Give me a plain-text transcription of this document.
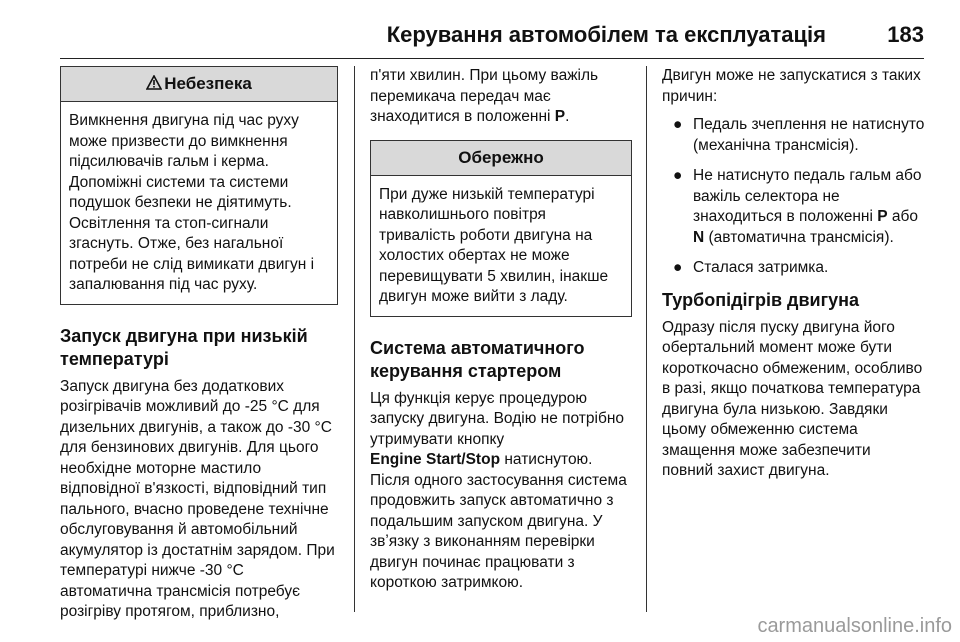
Керування автомобілем та експлуатація	183
Небезпека
Вимкнення двигуна під час руху може призвести до вимкнення підсилювачів гальм і керма. Допоміжні системи та системи подушок безпеки не діятимуть. Освітлення та стоп-сигнали згаснуть. Отже, без нагальної потреби не слід вимикати двигун і запалювання під час руху.
Запуск двигуна при низькій температурі
Запуск двигуна без додаткових розігрівачів можливий до -25 °C для дизельних двигунів, а також до -30 °C для бензинових двигунів. Для цього необхідне моторне мастило відповідної в'язкості, відповідний тип пального, вчасно проведене технічне обслуговування й автомобільний акумулятор із достатнім зарядом. При температурі нижче -30 °C автоматична трансмісія потребує розігріву протягом, приблизно,
п'яти хвилин. При цьому важіль перемикача передач має знаходитися в положенні P.
Обережно
При дуже низькій температурі навколишнього повітря тривалість роботи двигуна на холостих обертах не може перевищувати 5 хвилин, інакше двигун може вийти з ладу.
Система автоматичного керування стартером
Ця функція керує процедурою запуску двигуна. Водію не потрібно утримувати кнопку
Engine Start/Stop натиснутою. Після одного застосування система продовжить запуск автоматично з подальшим запуском двигуна. У звʼязку з виконанням перевірки двигун починає працювати з короткою затримкою.
Двигун може не запускатися з таких причин:
● Педаль зчеплення не натиснуто (механічна трансмісія).
● Не натиснуто педаль гальм або важіль селектора не знаходиться в положенні P або
N (автоматична трансмісія).
● Сталася затримка.
Турбопідігрів двигуна
Одразу після пуску двигуна його обертальний момент може бути короткочасно обмеженим, особливо в разі, якщо початкова температура двигуна була низькою. Завдяки цьому обмеженню система змащення може забезпечити повний захист двигуна.
carmanualsonline.info
